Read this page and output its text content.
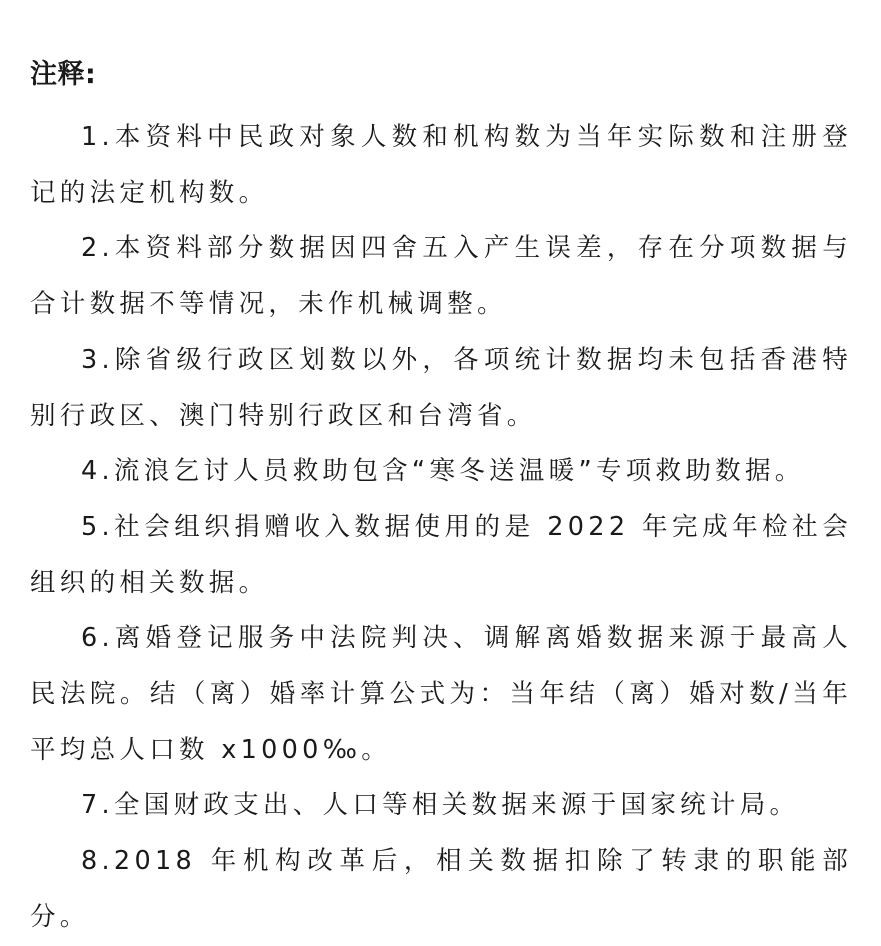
注释:

1.本资料中民政对象人数和机构数为当年实际数和注册登记的法定机构数。

2.本资料部分数据因四舍五入产生误差，存在分项数据与合计数据不等情况，未作机械调整。

3.除省级行政区划数以外，各项统计数据均未包括香港特别行政区、澳门特别行政区和台湾省。

4.流浪乞讨人员救助包含“寒冬送温暖”专项救助数据。

5.社会组织捐赠收入数据使用的是 2022 年完成年检社会组织的相关数据。

6.离婚登记服务中法院判决、调解离婚数据来源于最高人民法院。结（离）婚率计算公式为：当年结（离）婚对数/当年平均总人口数 x1000‰。

7.全国财政支出、人口等相关数据来源于国家统计局。

8.2018 年机构改革后，相关数据扣除了转隶的职能部分。
